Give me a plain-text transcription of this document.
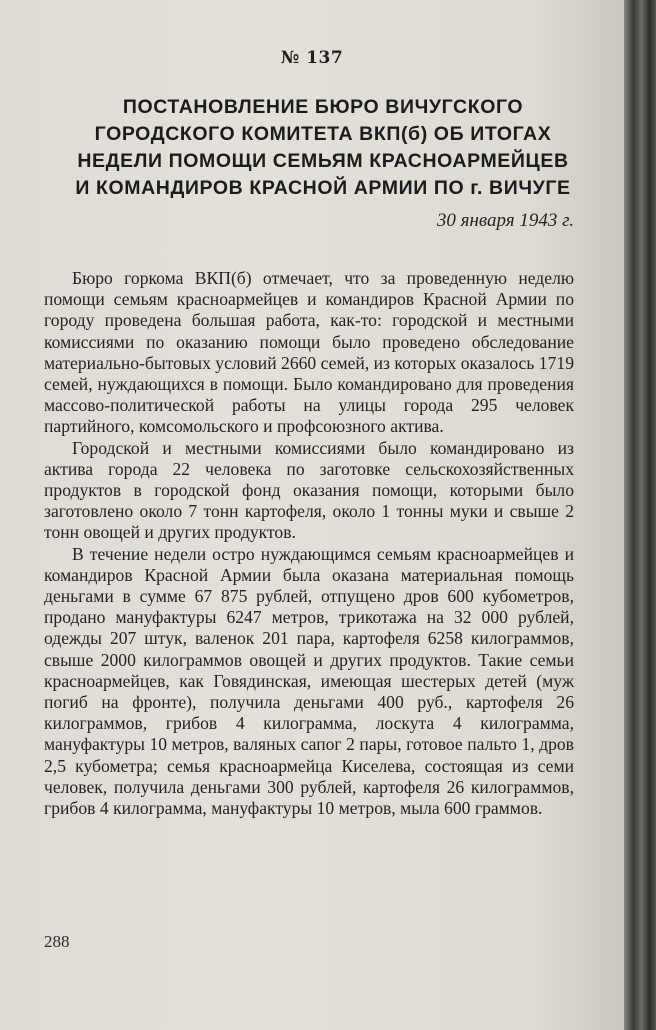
№ 137
ПОСТАНОВЛЕНИЕ БЮРО ВИЧУГСКОГО
ГОРОДСКОГО КОМИТЕТА ВКП(б) ОБ ИТОГАХ
НЕДЕЛИ ПОМОЩИ СЕМЬЯМ КРАСНОАРМЕЙЦЕВ
И КОМАНДИРОВ КРАСНОЙ АРМИИ ПО г. ВИЧУГЕ
30 января 1943 г.

Бюро горкома ВКП(б) отмечает, что за проведенную неделю помощи семьям красноармейцев и командиров Красной Армии по городу проведена большая работа, как-то: городской и местными комиссиями по оказанию помощи было проведено обследование материально-бытовых условий 2660 семей, из которых оказалось 1719 семей, нуждающихся в помощи. Было командировано для проведения массово-политической работы на улицы города 295 человек партийного, комсомольского и профсоюзного актива.

Городской и местными комиссиями было командировано из актива города 22 человека по заготовке сельскохозяйственных продуктов в городской фонд оказания помощи, которыми было заготовлено около 7 тонн картофеля, около 1 тонны муки и свыше 2 тонн овощей и других продуктов.

В течение недели остро нуждающимся семьям красноармейцев и командиров Красной Армии была оказана материальная помощь деньгами в сумме 67 875 рублей, отпущено дров 600 кубометров, продано мануфактуры 6247 метров, трикотажа на 32 000 рублей, одежды 207 штук, валенок 201 пара, картофеля 6258 килограммов, свыше 2000 килограммов овощей и других продуктов. Такие семьи красноармейцев, как Говядинская, имеющая шестерых детей (муж погиб на фронте), получила деньгами 400 руб., картофеля 26 килограммов, грибов 4 килограмма, лоскута 4 килограмма, мануфактуры 10 метров, валяных сапог 2 пары, готовое пальто 1, дров 2,5 кубометра; семья красноармейца Киселева, состоящая из семи человек, получила деньгами 300 рублей, картофеля 26 килограммов, грибов 4 килограмма, мануфактуры 10 метров, мыла 600 граммов.

288
